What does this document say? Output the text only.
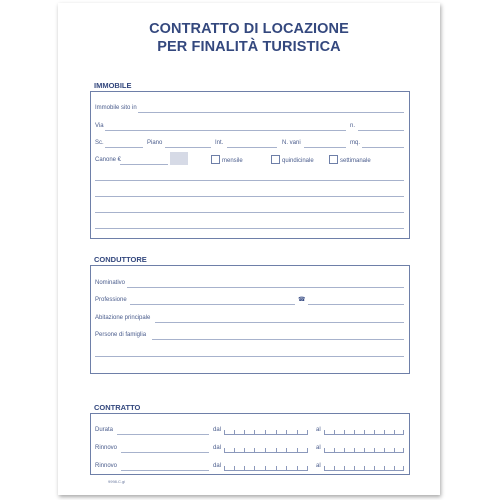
CONTRATTO DI LOCAZIONE
PER FINALITÀ TURISTICA
IMMOBILE
Immobile sito in
Via	n.
Sc.	Piano	Int.	N. vani	mq.
Canone €	mensile	quindicinale	settimanale
CONDUTTORE
Nominativo
Professione	☎
Abitazione principale
Persone di famiglia
CONTRATTO
Durata	dal	al
Rinnovo	dal	al
Rinnovo	dal	al
9998.C.gi
